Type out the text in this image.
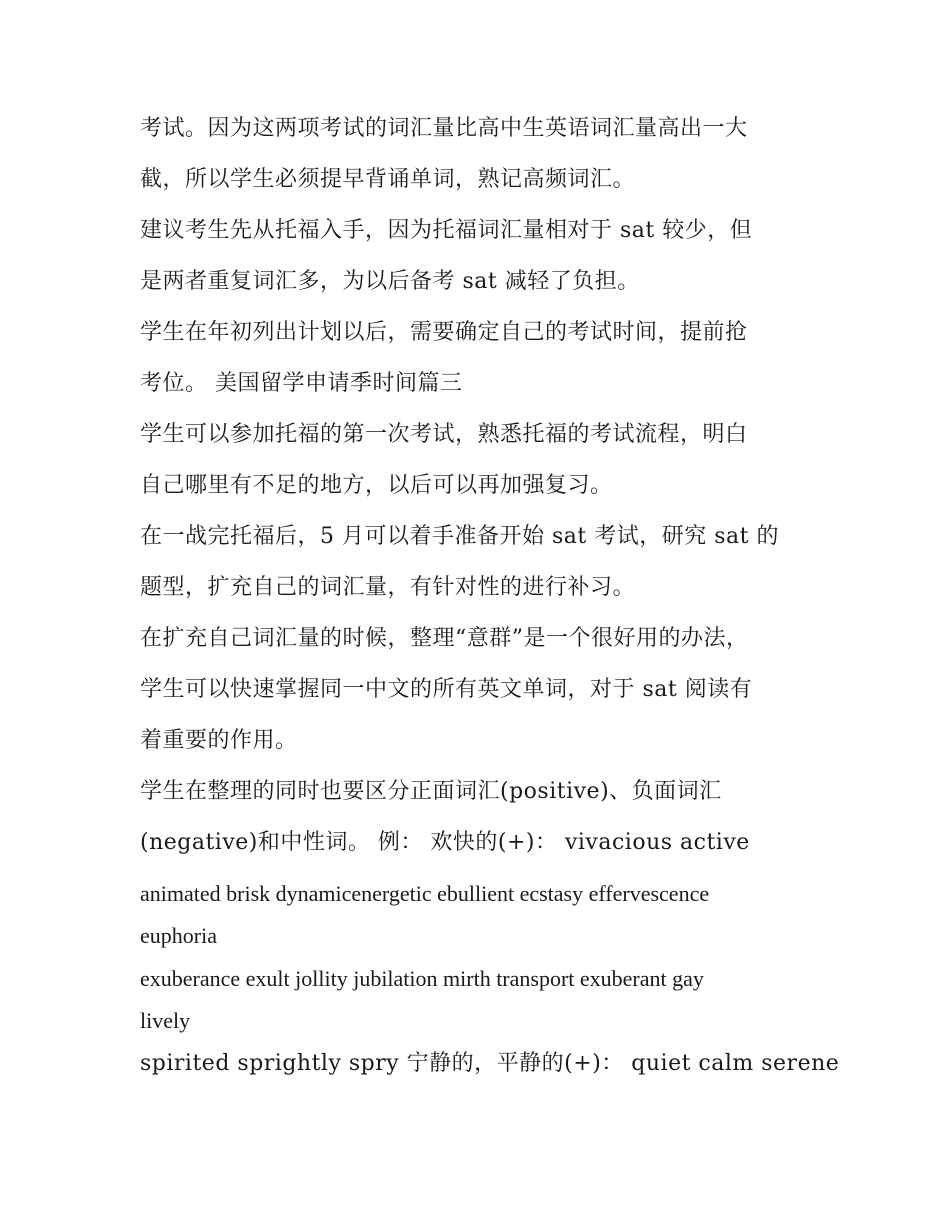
考试。因为这两项考试的词汇量比高中生英语词汇量高出一大
截，所以学生必须提早背诵单词，熟记高频词汇。
建议考生先从托福入手，因为托福词汇量相对于 sat 较少，但
是两者重复词汇多，为以后备考 sat 减轻了负担。
学生在年初列出计划以后，需要确定自己的考试时间，提前抢
考位。 美国留学申请季时间篇三
学生可以参加托福的第一次考试，熟悉托福的考试流程，明白
自己哪里有不足的地方，以后可以再加强复习。
在一战完托福后，5 月可以着手准备开始 sat 考试，研究 sat 的
题型，扩充自己的词汇量，有针对性的进行补习。
在扩充自己词汇量的时候，整理“意群”是一个很好用的办法，
学生可以快速掌握同一中文的所有英文单词，对于 sat 阅读有
着重要的作用。
学生在整理的同时也要区分正面词汇(positive)、负面词汇
(negative)和中性词。 例： 欢快的(+)： vivacious active
animated brisk dynamicenergetic ebullient ecstasy effervescence
euphoria
exuberance exult jollity jubilation mirth transport exuberant gay
lively
spirited sprightly spry 宁静的，平静的(+)： quiet calm serene
